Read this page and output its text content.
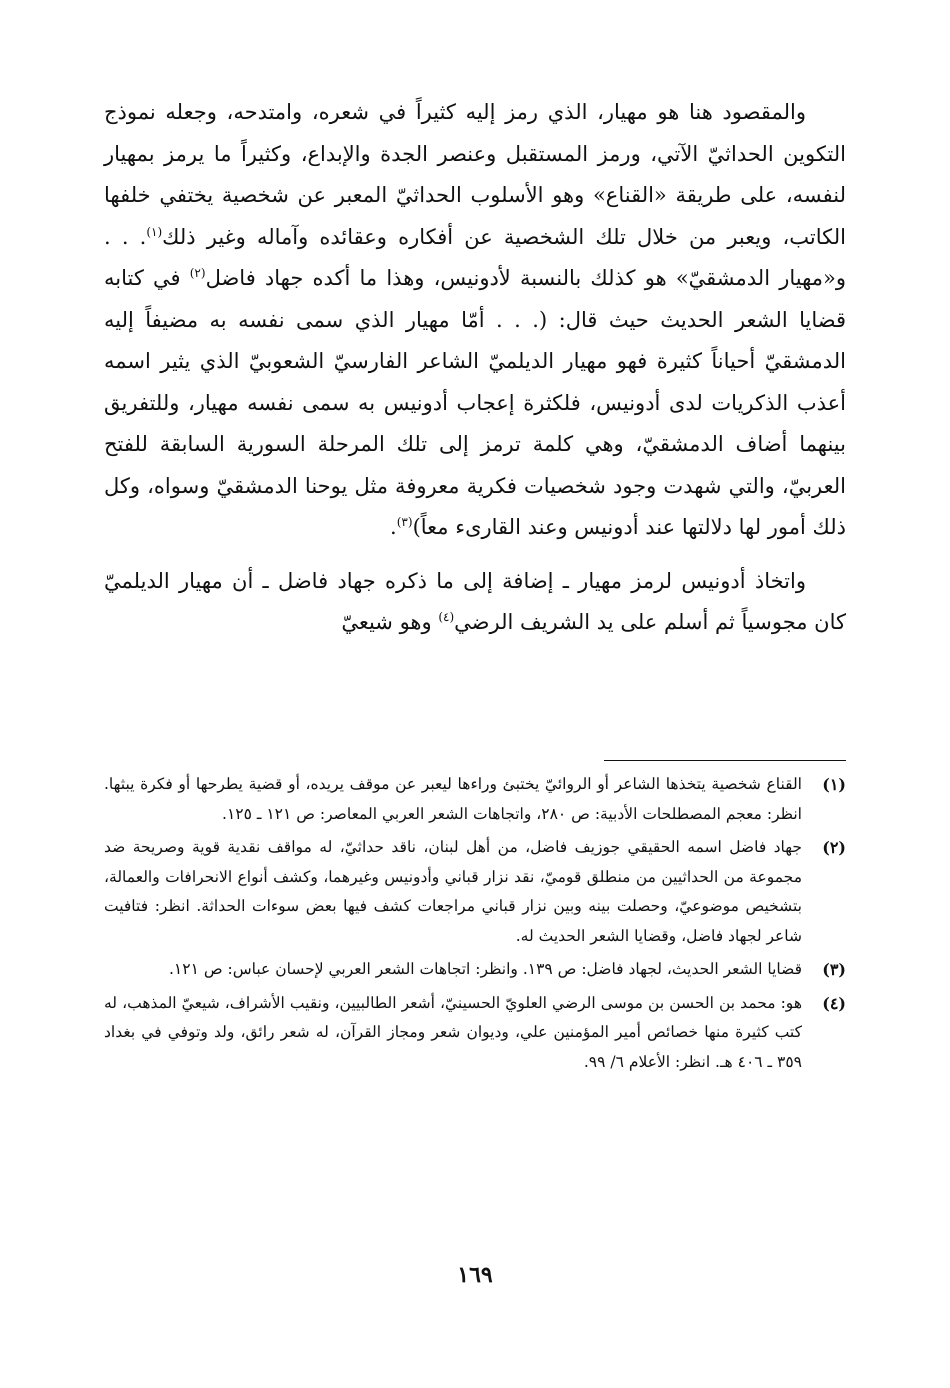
والمقصود هنا هو مهيار، الذي رمز إليه كثيراً في شعره، وامتدحه، وجعله نموذج التكوين الحداثيّ الآتي، ورمز المستقبل وعنصر الجدة والإبداع، وكثيراً ما يرمز بمهيار لنفسه، على طريقة «القناع» وهو الأسلوب الحداثيّ المعبر عن شخصية يختفي خلفها الكاتب، ويعبر من خلال تلك الشخصية عن أفكاره وعقائده وآماله وغير ذلك$^{(١)}$. . . و«مهيار الدمشقيّ» هو كذلك بالنسبة لأدونيس، وهذا ما أكده جهاد فاضل$^{(٢)}$ في كتابه قضايا الشعر الحديث حيث قال: (. . . أمّا مهيار الذي سمى نفسه به مضيفاً إليه الدمشقيّ أحياناً كثيرة فهو مهيار الديلميّ الشاعر الفارسيّ الشعوبيّ الذي يثير اسمه أعذب الذكريات لدى أدونيس، فلكثرة إعجاب أدونيس به سمى نفسه مهيار، وللتفريق بينهما أضاف الدمشقيّ، وهي كلمة ترمز إلى تلك المرحلة السورية السابقة للفتح العربيّ، والتي شهدت وجود شخصيات فكرية معروفة مثل يوحنا الدمشقيّ وسواه، وكل ذلك أمور لها دلالتها عند أدونيس وعند القارىء معاً)$^{(٣)}$.

واتخاذ أدونيس لرمز مهيار ـ إضافة إلى ما ذكره جهاد فاضل ـ أن مهيار الديلميّ كان مجوسياً ثم أسلم على يد الشريف الرضي$^{(٤)}$ وهو شيعيّ

(١)
القناع شخصية يتخذها الشاعر أو الروائيّ يختبئ وراءها ليعبر عن موقف يريده، أو قضية يطرحها أو فكرة يبثها. انظر: معجم المصطلحات الأدبية: ص ٢٨٠، واتجاهات الشعر العربي المعاصر: ص ١٢١ ـ ١٢٥.
(٢)
جهاد فاضل اسمه الحقيقي جوزيف فاضل، من أهل لبنان، ناقد حداثيّ، له مواقف نقدية قوية وصريحة ضد مجموعة من الحداثيين من منطلق قوميّ، نقد نزار قباني وأدونيس وغيرهما، وكشف أنواع الانحرافات والعمالة، بتشخيص موضوعيّ، وحصلت بينه وبين نزار قباني مراجعات كشف فيها بعض سوءات الحداثة. انظر: فتافيت شاعر لجهاد فاضل، وقضايا الشعر الحديث له.
(٣)
قضايا الشعر الحديث، لجهاد فاضل: ص ١٣٩. وانظر: اتجاهات الشعر العربي لإحسان عباس: ص ١٢١.
(٤)
هو: محمد بن الحسن بن موسى الرضي العلويّ الحسينيّ، أشعر الطالبيين، ونقيب الأشراف، شيعيّ المذهب، له كتب كثيرة منها خصائص أمير المؤمنين علي، وديوان شعر ومجاز القرآن، له شعر رائق، ولد وتوفي في بغداد ٣٥٩ ـ ٤٠٦ هـ. انظر: الأعلام ٦/ ٩٩.
١٦٩
